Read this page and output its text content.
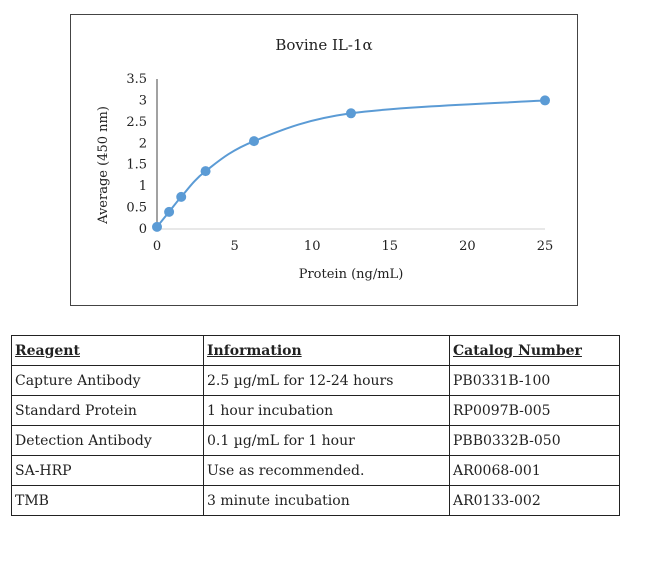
Bovine IL-1α
0
0.5
1
1.5
2
2.5
3
3.5
0	5	10	15	20	25
Protein (ng/mL)
Average (450 nm)
Reagent	Information	Catalog Number
Capture Antibody	2.5 µg/mL for 12-24 hours	PB0331B-100
Standard Protein	1 hour incubation	RP0097B-005
Detection Antibody	0.1 µg/mL for 1 hour	PBB0332B-050
SA-HRP	Use as recommended.	AR0068-001
TMB	3 minute incubation	AR0133-002
